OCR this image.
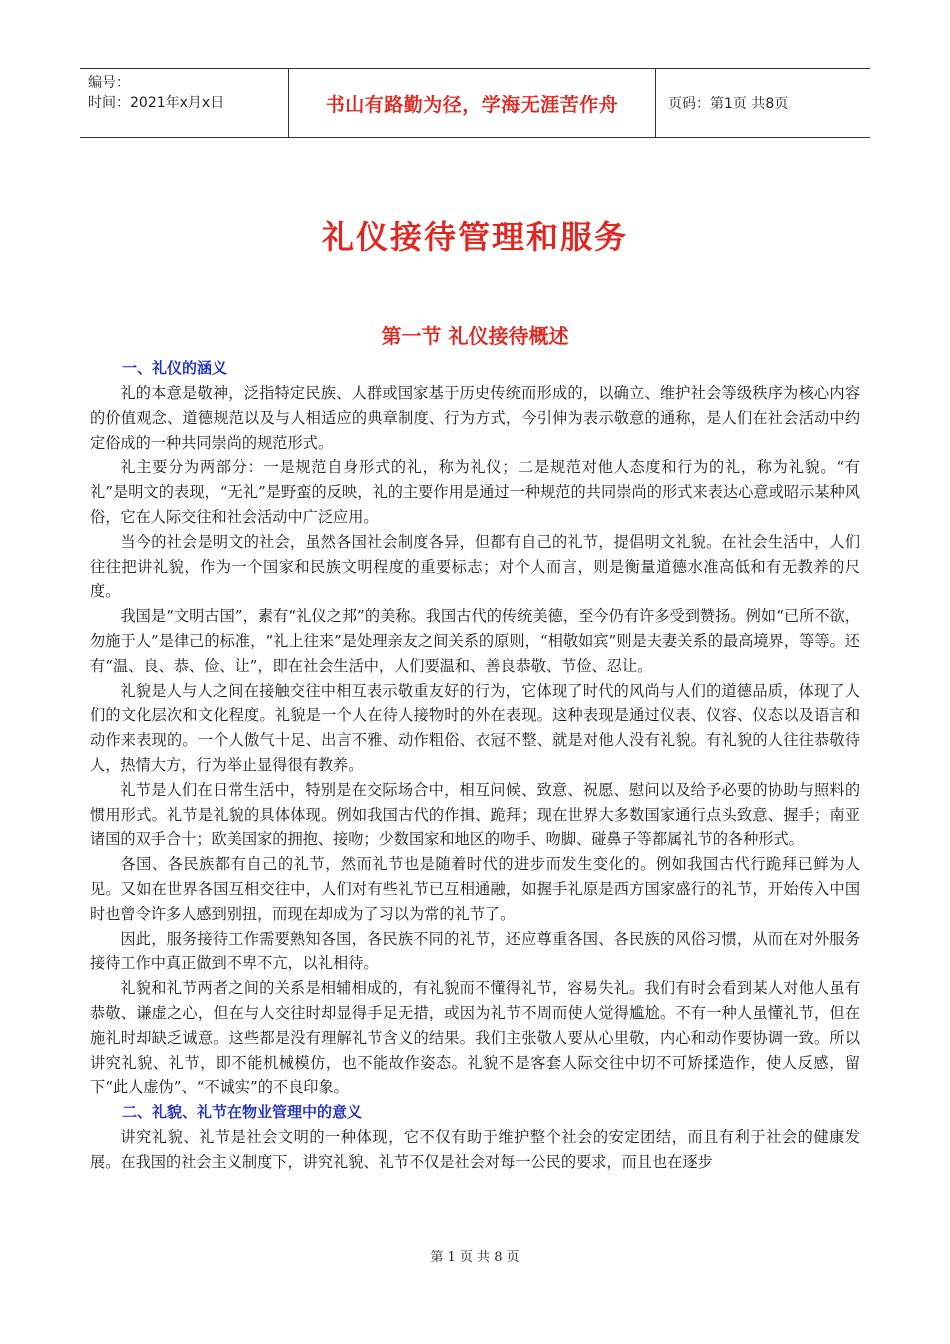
编号：
时间：2021年x月x日	书山有路勤为径，学海无涯苦作舟	页码：第1页 共8页
礼仪接待管理和服务
第一节 礼仪接待概述

一、礼仪的涵义

礼的本意是敬神，泛指特定民族、人群或国家基于历史传统而形成的，以确立、维护社会等级秩序为核心内容的价值观念、道德规范以及与人相适应的典章制度、行为方式，今引伸为表示敬意的通称，是人们在社会活动中约定俗成的一种共同崇尚的规范形式。

礼主要分为两部分：一是规范自身形式的礼，称为礼仪；二是规范对他人态度和行为的礼，称为礼貌。“有礼”是明文的表现，“无礼”是野蛮的反映，礼的主要作用是通过一种规范的共同崇尚的形式来表达心意或昭示某种风俗，它在人际交往和社会活动中广泛应用。

当今的社会是明文的社会，虽然各国社会制度各异，但都有自己的礼节，提倡明文礼貌。在社会生活中，人们往往把讲礼貌，作为一个国家和民族文明程度的重要标志；对个人而言，则是衡量道德水准高低和有无教养的尺度。

我国是“文明古国”，素有“礼仪之邦”的美称。我国古代的传统美德，至今仍有许多受到赞扬。例如“已所不欲，勿施于人”是律己的标准，“礼上往来”是处理亲友之间关系的原则，“相敬如宾”则是夫妻关系的最高境界，等等。还有“温、良、恭、俭、让”，即在社会生活中，人们要温和、善良恭敬、节俭、忍让。

礼貌是人与人之间在接触交往中相互表示敬重友好的行为，它体现了时代的风尚与人们的道德品质，体现了人们的文化层次和文化程度。礼貌是一个人在待人接物时的外在表现。这种表现是通过仪表、仪容、仪态以及语言和动作来表现的。一个人傲气十足、出言不雅、动作粗俗、衣冠不整、就是对他人没有礼貌。有礼貌的人往往恭敬待人，热情大方，行为举止显得很有教养。

礼节是人们在日常生活中，特别是在交际场合中，相互问候、致意、祝愿、慰问以及给予必要的协助与照料的惯用形式。礼节是礼貌的具体体现。例如我国古代的作揖、跪拜；现在世界大多数国家通行点头致意、握手；南亚诸国的双手合十；欧美国家的拥抱、接吻；少数国家和地区的吻手、吻脚、碰鼻子等都属礼节的各种形式。

各国、各民族都有自己的礼节，然而礼节也是随着时代的进步而发生变化的。例如我国古代行跪拜已鲜为人见。又如在世界各国互相交往中，人们对有些礼节已互相通融，如握手礼原是西方国家盛行的礼节，开始传入中国时也曾令许多人感到别扭，而现在却成为了习以为常的礼节了。

因此，服务接待工作需要熟知各国，各民族不同的礼节，还应尊重各国、各民族的风俗习惯，从而在对外服务接待工作中真正做到不卑不亢，以礼相待。

礼貌和礼节两者之间的关系是相辅相成的，有礼貌而不懂得礼节，容易失礼。我们有时会看到某人对他人虽有恭敬、谦虚之心，但在与人交往时却显得手足无措，或因为礼节不周而使人觉得尴尬。不有一种人虽懂礼节，但在施礼时却缺乏诚意。这些都是没有理解礼节含义的结果。我们主张敬人要从心里敬，内心和动作要协调一致。所以讲究礼貌、礼节，即不能机械模仿，也不能故作姿态。礼貌不是客套人际交往中切不可矫揉造作，使人反感，留下“此人虚伪”、“不诚实”的不良印象。

二、礼貌、礼节在物业管理中的意义

讲究礼貌、礼节是社会文明的一种体现，它不仅有助于维护整个社会的安定团结，而且有利于社会的健康发展。在我国的社会主义制度下，讲究礼貌、礼节不仅是社会对每一公民的要求，而且也在逐步

第 1 页 共 8 页
